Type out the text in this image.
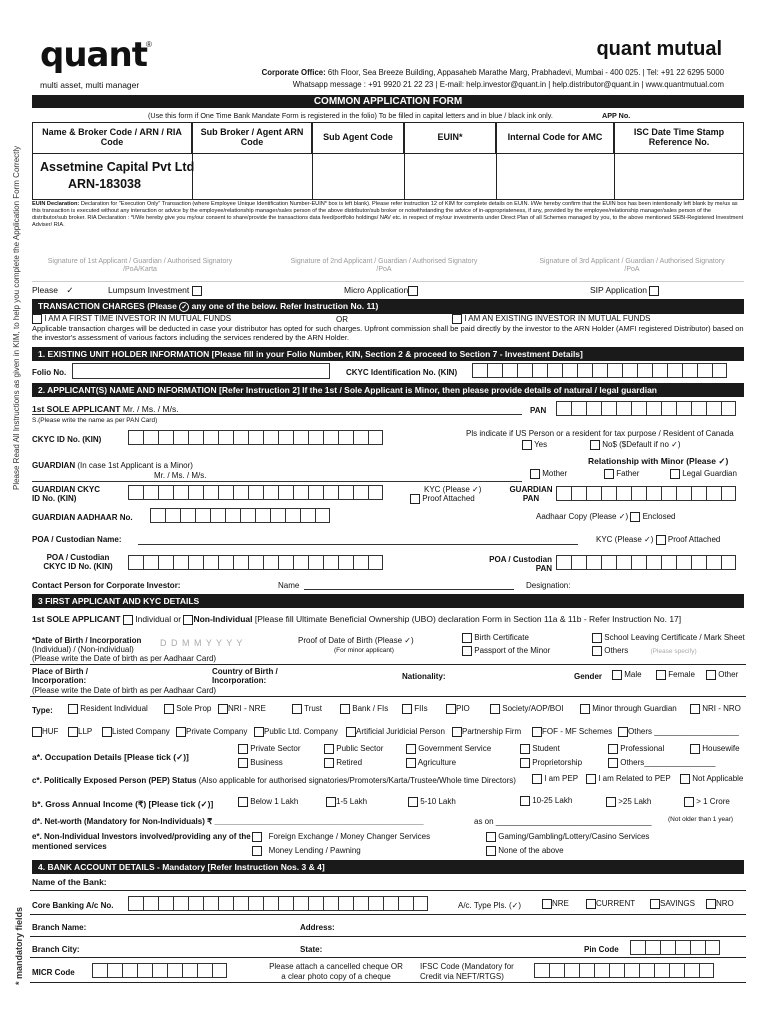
Please Read All Instructions as given in KIM, to help you complete the Application Form Correctly
* mandatory fields
quant ®
multi asset, multi manager
quant mutual
Corporate Office: 6th Floor, Sea Breeze Building, Appasaheb Marathe Marg, Prabhadevi, Mumbai - 400 025. | Tel: +91 22 6295 5000
Whatsapp message : +91 9920 21 22 23 | E-mail: help.investor@quant.in | help.distributor@quant.in | www.quantmutual.com
COMMON APPLICATION FORM
(Use this form if One Time Bank Mandate Form is registered in the folio) To be filled in capital letters and in blue / black ink only.	APP No.
Name & Broker Code / ARN / RIA Code
Sub Broker / Agent ARN Code	Sub Agent Code	EUIN*	Internal Code for AMC	ISC Date Time Stamp Reference No.
Assetmine Capital Pvt Ltd
ARN-183038
EUIN Declaration: Declaration for "Execution Only" Transaction (where Employee Unique Identification Number-EUIN* box is left blank). Please refer instruction 12 of KIM for complete details on EUIN. I/We hereby confirm that the EUIN box has been intentionally left blank by me/us as this transaction is executed without any interaction or advice by the employee/relationship manager/sales person of the above distributor/sub broker or notwithstanding the advice of in-appropriateness, if any, provided by the employee/relationship manager/sales person of the distributor/sub broker. RIA Declaration : *I/We hereby give you my/our consent to share/provide the transactions data feed/portfolio holdings/ NAV etc. in respect of my/our investments under Direct Plan of all Schemes managed by you, to the above mentioned SEBI-Registered Investment Adviser/ RIA.
Signature of 1st Applicant / Guardian / Authorised Signatory /PoA/Karta
Signature of 2nd Applicant / Guardian / Authorised Signatory /PoA
Signature of 3rd Applicant / Guardian / Authorised Signatory /PoA
Please ✓	Lumpsum Investment	Micro Application	SIP Application
TRANSACTION CHARGES (Please ✓ any one of the below. Refer Instruction No. 11)
I AM A FIRST TIME INVESTOR IN MUTUAL FUNDS	OR	I AM AN EXISTING INVESTOR IN MUTUAL FUNDS
Applicable transaction charges will be deducted in case your distributor has opted for such charges. Upfront commission shall be paid directly by the investor to the ARN Holder (AMFI registered Distributor) based on the investor's assessment of various factors including the services rendered by the ARN Holder.
1. EXISTING UNIT HOLDER INFORMATION [Please fill in your Folio Number, KIN, Section 2 & proceed to Section 7 - Investment Details]
Folio No.	CKYC Identification No. (KIN)
2. APPLICANT(S) NAME AND INFORMATION [Refer Instruction 2] If the 1st / Sole Applicant is Minor, then please provide details of natural / legal guardian
1st SOLE APPLICANT Mr. / Ms. / M/s.
S.(Please write the name as per PAN Card)
PAN
CKYC ID No. (KIN)
Pls indicate if US Person or a resident for tax purpose / Resident of Canada
Yes	No$ ($Default if no ✓)
GUARDIAN (In case 1st Applicant is a Minor)
Mr. / Ms. / M/s.
Relationship with Minor (Please ✓)
Mother	Father	Legal Guardian
GUARDIAN CKYC ID No. (KIN)
KYC (Please ✓)
Proof Attached
GUARDIAN PAN
GUARDIAN AADHAAR No.	Aadhaar Copy (Please ✓)  Enclosed
POA / Custodian Name:	KYC (Please ✓)  Proof Attached
POA / Custodian CKYC ID No. (KIN)
POA / Custodian PAN
Contact Person for Corporate Investor:	Name	Designation:
3 FIRST APPLICANT AND KYC DETAILS
1st SOLE APPLICANT Individual or Non-Individual [Please fill Ultimate Beneficial Ownership (UBO) declaration Form in Section 11a & 11b - Refer Instruction No. 17]
*Date of Birth / Incorporation
(Individual) / (Non-individual)
(Please write the Date of birth as per Aadhaar Card)
D D M M Y Y Y Y	Proof of Date of Birth (Please ✓)
(For minor applicant)
Birth Certificate
Passport of the Minor
School Leaving Certificate / Mark Sheet
Others	(Please specify)
Place of Birth / Incorporation:
(Please write the Date of birth as per Aadhaar Card)
Country of Birth / Incorporation:	Nationality:	Gender	Male	Female	Other
Type:	Resident Individual	Sole Prop	NRI - NRE	Trust	Bank / FIs	FIIs	PIO	Society/AOP/BOI	Minor through Guardian	NRI - NRO
HUF	LLP	Listed Company	Private Company	Public Ltd. Company	Artificial Juridicial Person	Partnership Firm	FOF - MF Schemes	Others ___________________
a*. Occupation Details [Please tick (✓)]
Private Sector	Public Sector	Government Service	Student	Professional	Housewife
Business	Retired	Agriculture	Proprietorship	Others________________
c*. Politically Exposed Person (PEP) Status (Also applicable for authorised signatories/Promoters/Karta/Trustee/Whole time Directors)	I am PEP	I am Related to PEP	Not Applicable
b*. Gross Annual Income (₹) [Please tick (✓)]	Below 1 Lakh	1-5 Lakh	5-10 Lakh	10-25 Lakh	>25 Lakh	> 1 Crore
d*. Net-worth (Mandatory for Non-Individuals) ₹ _______________________________________________	as on ___________________________________	(Not older than 1 year)
e*. Non-Individual Investors involved/providing any of the mentioned services
Foreign Exchange / Money Changer Services
Money Lending / Pawning
Gaming/Gambling/Lottery/Casino Services
None of the above
4. BANK ACCOUNT DETAILS - Mandatory [Refer Instruction Nos. 3 & 4]
Name of the Bank:
Core Banking A/c No.	A/c. Type Pls. (✓)	NRE	CURRENT	SAVINGS	NRO
Branch Name:	Address:
Branch City:	State:	Pin Code
MICR Code
Please attach a cancelled cheque OR a clear photo copy of a cheque
IFSC Code (Mandatory for Credit via NEFT/RTGS)
